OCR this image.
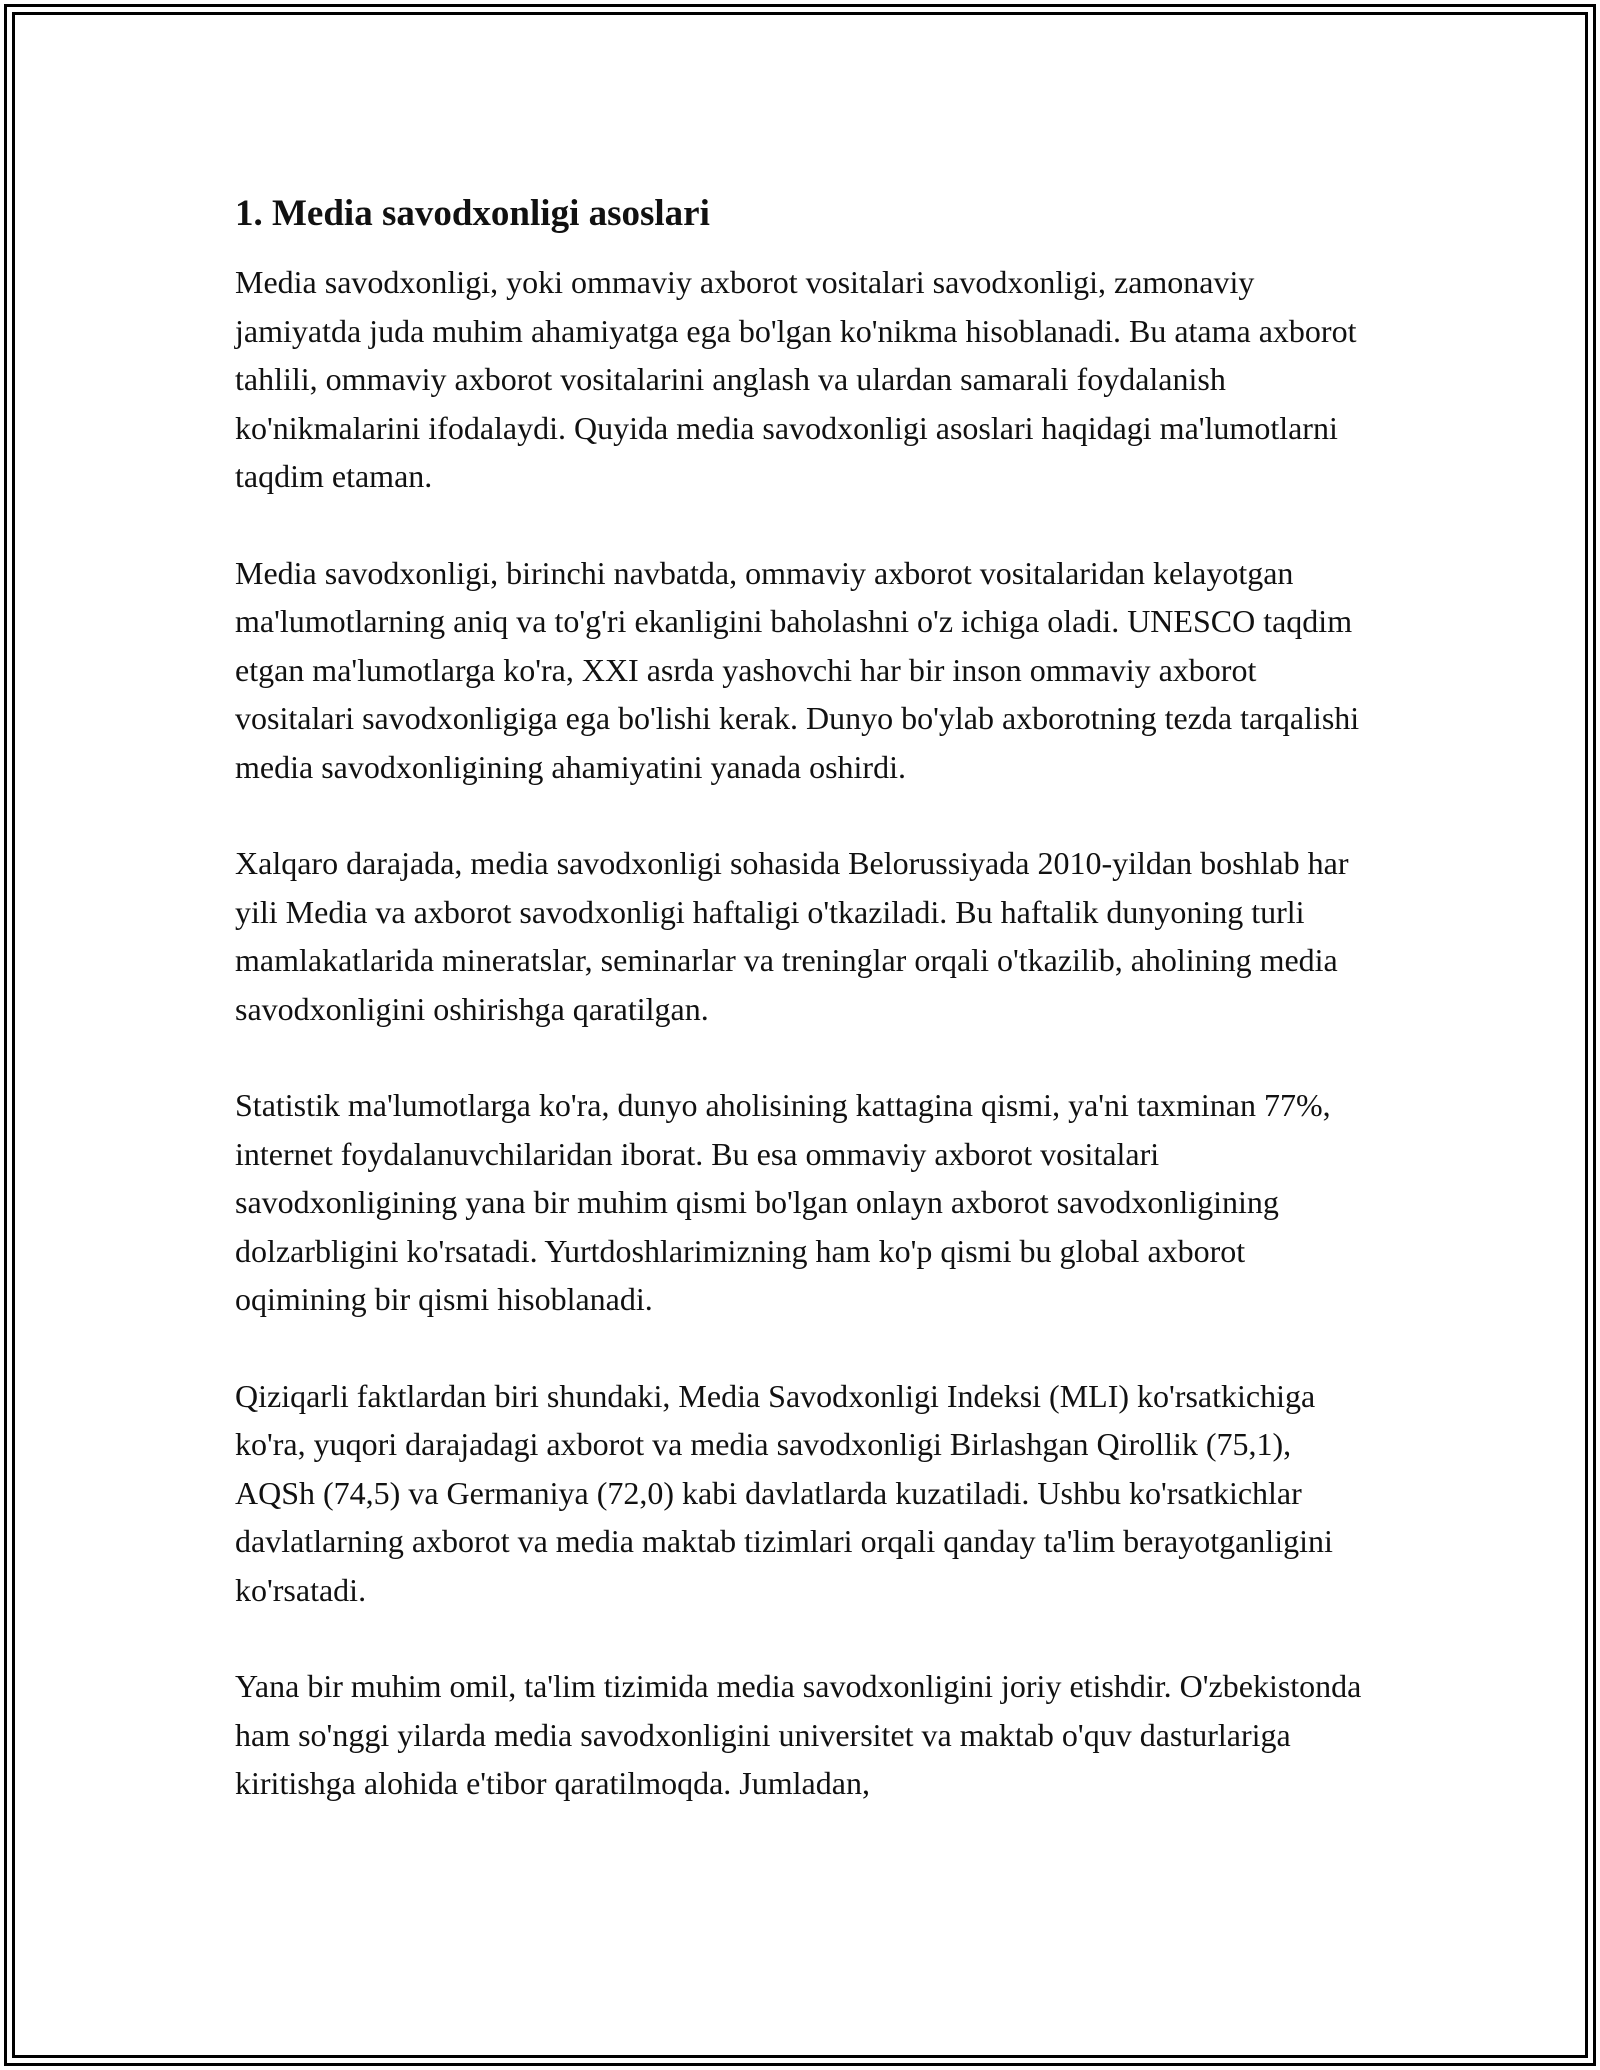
1. Media savodxonligi asoslari

Media savodxonligi, yoki ommaviy axborot vositalari savodxonligi, zamonaviy jamiyatda juda muhim ahamiyatga ega bo'lgan ko'nikma hisoblanadi. Bu atama axborot tahlili, ommaviy axborot vositalarini anglash va ulardan samarali foydalanish ko'nikmalarini ifodalaydi. Quyida media savodxonligi asoslari haqidagi ma'lumotlarni taqdim etaman.

Media savodxonligi, birinchi navbatda, ommaviy axborot vositalaridan kelayotgan ma'lumotlarning aniq va to'g'ri ekanligini baholashni o'z ichiga oladi. UNESCO taqdim etgan ma'lumotlarga ko'ra, XXI asrda yashovchi har bir inson ommaviy axborot vositalari savodxonligiga ega bo'lishi kerak. Dunyo bo'ylab axborotning tezda tarqalishi media savodxonligining ahamiyatini yanada oshirdi.

Xalqaro darajada, media savodxonligi sohasida Belorussiyada 2010-yildan boshlab har yili Media va axborot savodxonligi haftaligi o'tkaziladi. Bu haftalik dunyoning turli mamlakatlarida mineratslar, seminarlar va treninglar orqali o'tkazilib, aholining media savodxonligini oshirishga qaratilgan.

Statistik ma'lumotlarga ko'ra, dunyo aholisining kattagina qismi, ya'ni taxminan 77%, internet foydalanuvchilaridan iborat. Bu esa ommaviy axborot vositalari savodxonligining yana bir muhim qismi bo'lgan onlayn axborot savodxonligining dolzarbligini ko'rsatadi. Yurtdoshlarimizning ham ko'p qismi bu global axborot oqimining bir qismi hisoblanadi.

Qiziqarli faktlardan biri shundaki, Media Savodxonligi Indeksi (MLI) ko'rsatkichiga ko'ra, yuqori darajadagi axborot va media savodxonligi Birlashgan Qirollik (75,1), AQSh (74,5) va Germaniya (72,0) kabi davlatlarda kuzatiladi. Ushbu ko'rsatkichlar davlatlarning axborot va media maktab tizimlari orqali qanday ta'lim berayotganligini ko'rsatadi.

Yana bir muhim omil, ta'lim tizimida media savodxonligini joriy etishdir. O'zbekistonda ham so'nggi yilarda media savodxonligini universitet va maktab o'quv dasturlariga kiritishga alohida e'tibor qaratilmoqda. Jumladan,
